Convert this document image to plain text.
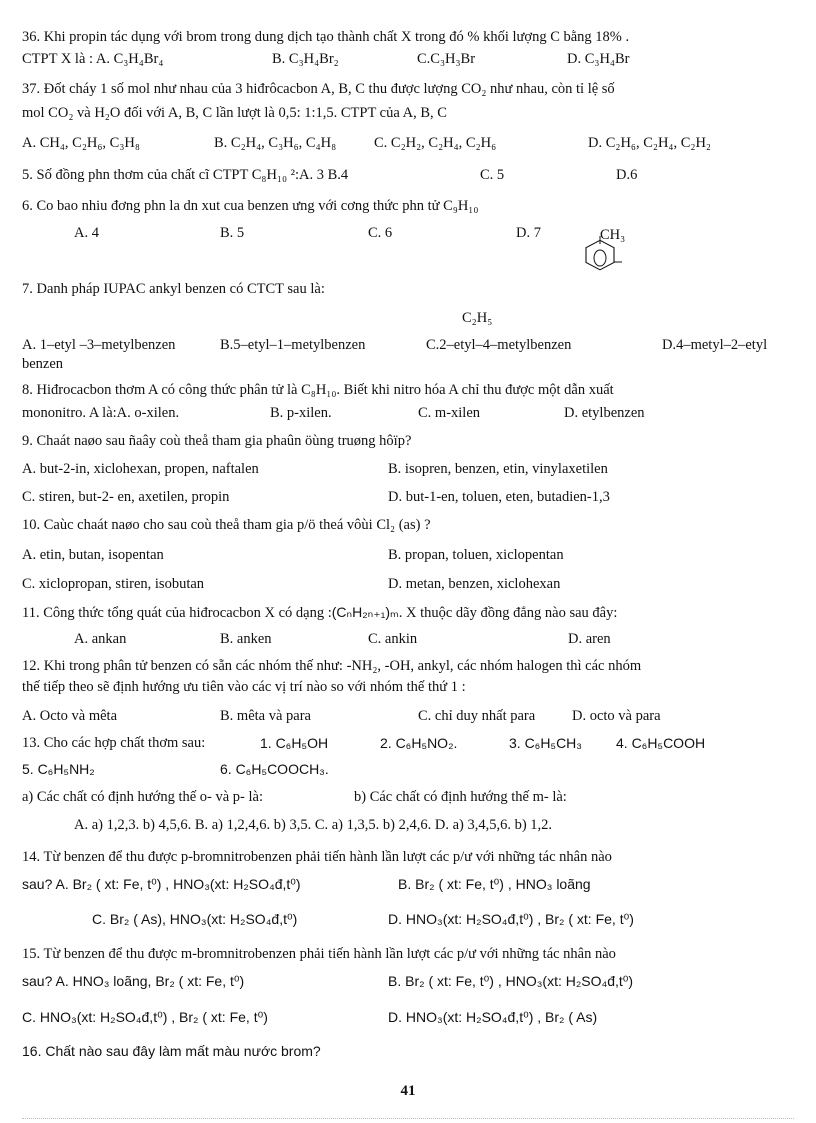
36. Khi propin tác dụng với brom trong dung dịch tạo thành chất X trong đó % khối lượng C bằng 18% .
CTPT X là : A. C₃H₄Br₄	B. C₃H₄Br₂	C.C₃H₃Br	D. C₃H₄Br
37. Đốt cháy 1 số mol như nhau của 3 hiđrôcacbon A, B, C thu được lượng CO₂ như nhau, còn tỉ lệ số
mol CO₂ và H₂O đối với A, B, C lần lượt là 0,5: 1:1,5. CTPT của A, B, C
A. CH₄, C₂H₆, C₃H₈	B. C₂H₄, C₃H₆, C₄H₈	C. C₂H₂, C₂H₄, C₂H₆	D. C₂H₆, C₂H₄, C₂H₂
5. Số đồng phn thơm của chất cĩ CTPT C₈H₁₀ ²:A. 3 B.4	C. 5	D.6
6. Co bao nhiu đơng phn la dn xut cua benzen ưng với cơng thức phn tử C₉H₁₀
A. 4	B. 5	C. 6	D. 7	CH₃
7. Danh pháp IUPAC ankyl benzen có CTCT sau là:
C₂H₅
A. 1–etyl –3–metylbenzen	B.5–etyl–1–metylbenzen	C.2–etyl–4–metylbenzen	D.4–metyl–2–etyl
benzen
8. Hiđrocacbon thơm A có công thức phân tử là C₈H₁₀. Biết khi nitro hóa A chỉ thu được một dẫn xuất
mononitro. A là:A. o-xilen.	B. p-xilen.	C. m-xilen	D. etylbenzen
9. Chaát naøo sau ñaây coù theå tham gia phaûn öùng truøng hôïp?
A. but-2-in, xiclohexan, propen, naftalen	B. isopren, benzen, etin, vinylaxetilen
C. stiren, but-2- en, axetilen, propin	D. but-1-en, toluen, eten, butadien-1,3
10. Caùc chaát naøo cho sau coù theå tham gia p/ö theá vôùi Cl₂ (as) ?
A. etin, butan, isopentan	B. propan, toluen, xiclopentan
C. xiclopropan, stiren, isobutan	D. metan, benzen, xiclohexan
11. Công thức tổng quát của hiđrocacbon X có dạng :(CₙH₂ₙ₊₁)ₘ. X thuộc dãy đồng đẳng nào sau đây:
A. ankan	B. anken	C. ankin	D. aren
12. Khi trong phân tử benzen có sẵn các nhóm thế như: -NH₂, -OH, ankyl, các nhóm halogen thì các nhóm
thế tiếp theo sẽ định hướng ưu tiên vào các vị trí nào so với nhóm thế thứ 1 :
A. Octo và mêta	B. mêta và para	C. chỉ duy nhất para	D. octo và para
13. Cho các hợp chất thơm sau:	1. C₆H₅OH	2. C₆H₅NO₂.	3. C₆H₅CH₃ 4. C₆H₅COOH
5. C₆H₅NH₂	6. C₆H₅COOCH₃.
a) Các chất có định hướng thế o- và p- là:	b) Các chất có định hướng thế m- là:
A. a) 1,2,3. b) 4,5,6. B. a) 1,2,4,6. b) 3,5. C. a) 1,3,5. b) 2,4,6. D. a) 3,4,5,6. b) 1,2.
14. Từ benzen để thu được p-bromnitrobenzen phải tiến hành lần lượt các p/ư với những tác nhân nào
sau? A. Br₂ ( xt: Fe, t⁰) , HNO₃(xt: H₂SO₄đ,t⁰)	B. Br₂ ( xt: Fe, t⁰) , HNO₃ loãng
C. Br₂ ( As), HNO₃(xt: H₂SO₄đ,t⁰)	D. HNO₃(xt: H₂SO₄đ,t⁰) , Br₂ ( xt: Fe, t⁰)
15. Từ benzen để thu được m-bromnitrobenzen phải tiến hành lần lượt các p/ư với những tác nhân nào
sau? A. HNO₃ loãng, Br₂ ( xt: Fe, t⁰)	B. Br₂ ( xt: Fe, t⁰) , HNO₃(xt: H₂SO₄đ,t⁰)
C. HNO₃(xt: H₂SO₄đ,t⁰) , Br₂ ( xt: Fe, t⁰)	D. HNO₃(xt: H₂SO₄đ,t⁰) , Br₂ ( As)
16. Chất nào sau đây làm mất màu nước brom?
41
